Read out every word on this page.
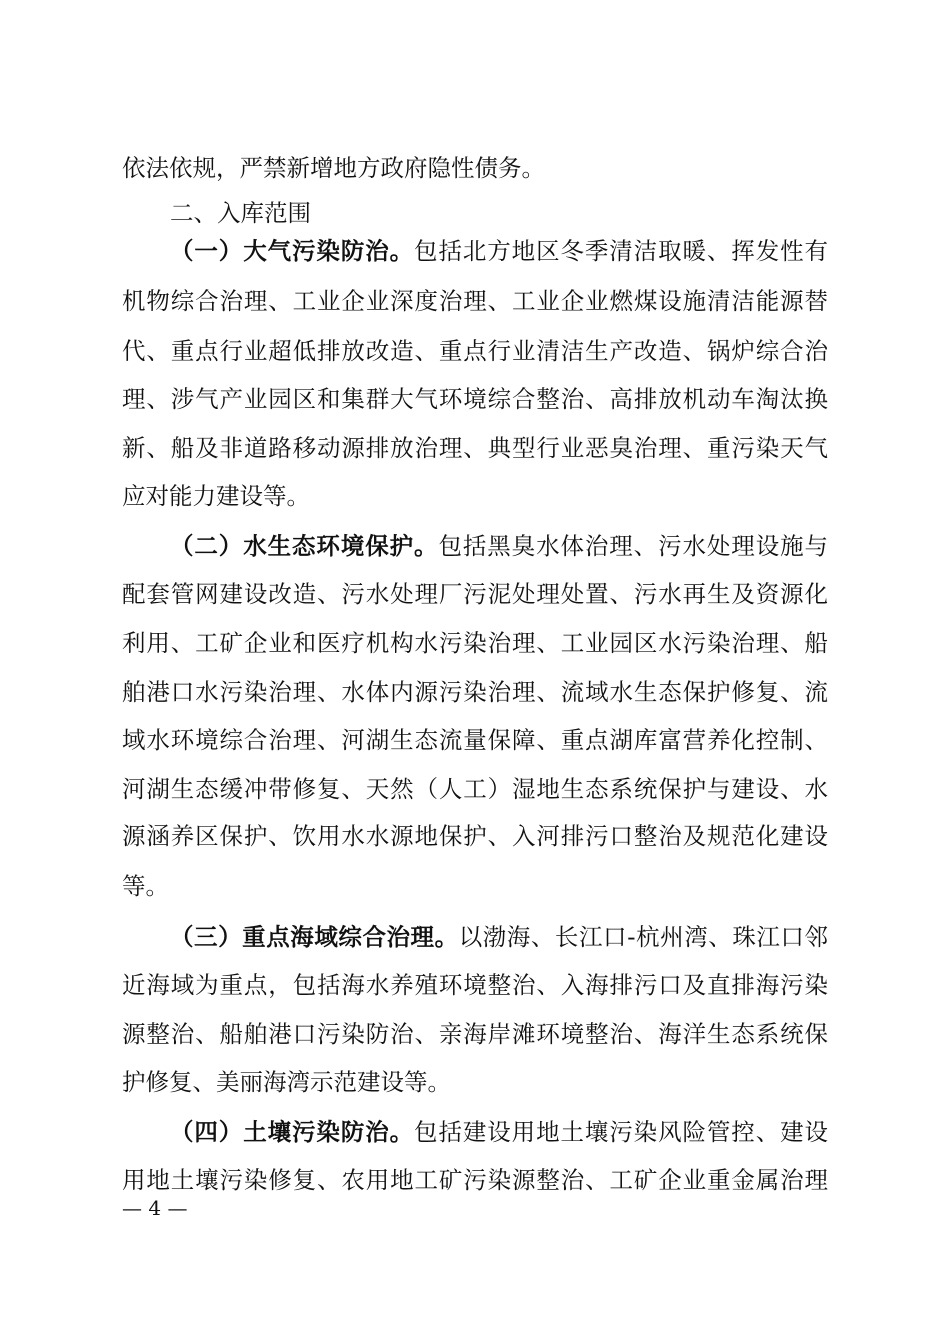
依法依规，严禁新增地方政府隐性债务。
二、入库范围
（一）大气污染防治。包括北方地区冬季清洁取暖、挥发性有
机物综合治理、工业企业深度治理、工业企业燃煤设施清洁能源替
代、重点行业超低排放改造、重点行业清洁生产改造、锅炉综合治
理、涉气产业园区和集群大气环境综合整治、高排放机动车淘汰换
新、船及非道路移动源排放治理、典型行业恶臭治理、重污染天气
应对能力建设等。
（二）水生态环境保护。包括黑臭水体治理、污水处理设施与
配套管网建设改造、污水处理厂污泥处理处置、污水再生及资源化
利用、工矿企业和医疗机构水污染治理、工业园区水污染治理、船
舶港口水污染治理、水体内源污染治理、流域水生态保护修复、流
域水环境综合治理、河湖生态流量保障、重点湖库富营养化控制、
河湖生态缓冲带修复、天然（人工）湿地生态系统保护与建设、水
源涵养区保护、饮用水水源地保护、入河排污口整治及规范化建设
等。
（三）重点海域综合治理。以渤海、长江口-杭州湾、珠江口邻
近海域为重点，包括海水养殖环境整治、入海排污口及直排海污染
源整治、船舶港口污染防治、亲海岸滩环境整治、海洋生态系统保
护修复、美丽海湾示范建设等。
（四）土壤污染防治。包括建设用地土壤污染风险管控、建设
用地土壤污染修复、农用地工矿污染源整治、工矿企业重金属治理
— 4 —
